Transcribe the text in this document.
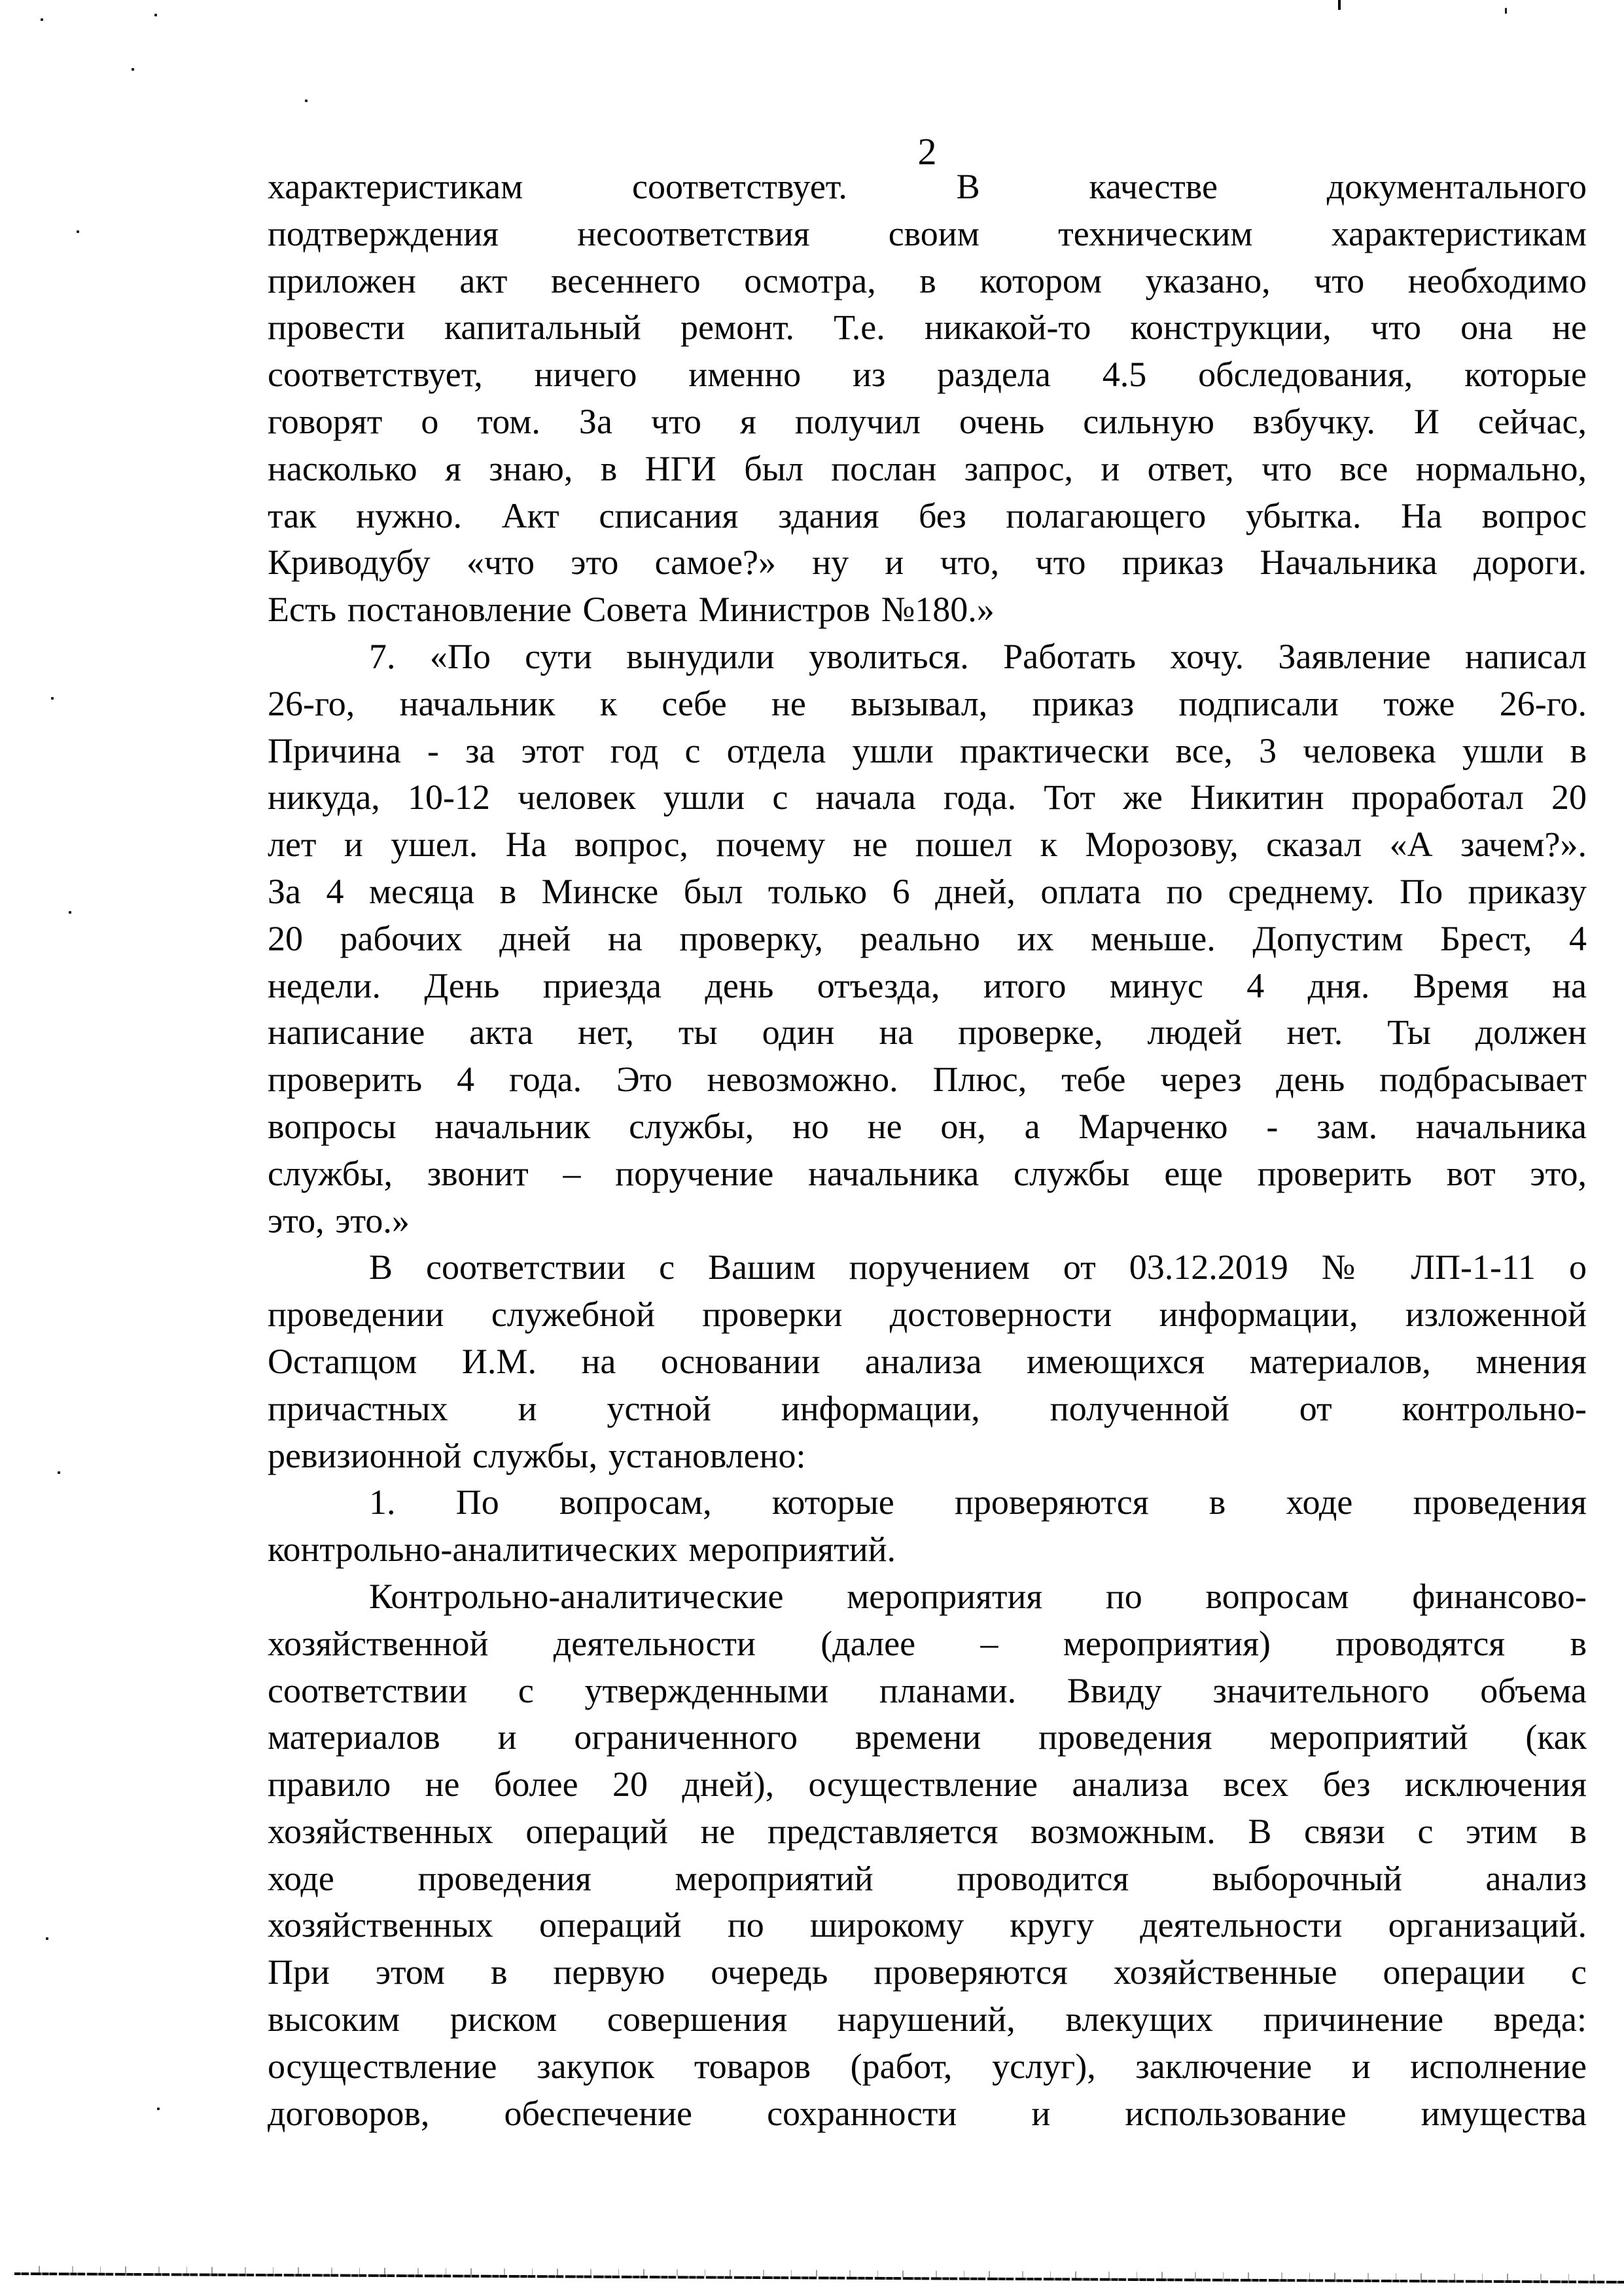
2
характеристикам соответствует. В качестве документального
подтверждения несоответствия своим техническим характеристикам
приложен акт весеннего осмотра, в котором указано, что необходимо
провести капитальный ремонт. Т.е. никакой-то конструкции, что она не
соответствует, ничего именно из раздела 4.5 обследования, которые
говорят о том. За что я получил очень сильную взбучку. И сейчас,
насколько я знаю, в НГИ был послан запрос, и ответ, что все нормально,
так нужно. Акт списания здания без полагающего убытка. На вопрос
Криводубу «что это самое?» ну и что, что приказ Начальника дороги.
Есть постановление Совета Министров №180.»
7. «По сути вынудили уволиться. Работать хочу. Заявление написал
26-го, начальник к себе не вызывал, приказ подписали тоже 26-го.
Причина - за этот год с отдела ушли практически все, 3 человека ушли в
никуда, 10-12 человек ушли с начала года. Тот же Никитин проработал 20
лет и ушел. На вопрос, почему не пошел к Морозову, сказал «А зачем?».
За 4 месяца в Минске был только 6 дней, оплата по среднему. По приказу
20 рабочих дней на проверку, реально их меньше. Допустим Брест, 4
недели. День приезда день отъезда, итого минус 4 дня. Время на
написание акта нет, ты один на проверке, людей нет. Ты должен
проверить 4 года. Это невозможно. Плюс, тебе через день подбрасывает
вопросы начальник службы, но не он, а Марченко - зам. начальника
службы, звонит – поручение начальника службы еще проверить вот это,
это, это.»
В соответствии с Вашим поручением от 03.12.2019 № ЛП-1-11 о
проведении служебной проверки достоверности информации, изложенной
Остапцом И.М. на основании анализа имеющихся материалов, мнения
причастных и устной информации, полученной от контрольно-
ревизионной службы, установлено:
1. По вопросам, которые проверяются в ходе проведения
контрольно-аналитических мероприятий.
Контрольно-аналитические мероприятия по вопросам финансово-
хозяйственной деятельности (далее – мероприятия) проводятся в
соответствии с утвержденными планами. Ввиду значительного объема
материалов и ограниченного времени проведения мероприятий (как
правило не более 20 дней), осуществление анализа всех без исключения
хозяйственных операций не представляется возможным. В связи с этим в
ходе проведения мероприятий проводится выборочный анализ
хозяйственных операций по широкому кругу деятельности организаций.
При этом в первую очередь проверяются хозяйственные операции с
высоким риском совершения нарушений, влекущих причинение вреда:
осуществление закупок товаров (работ, услуг), заключение и исполнение
договоров, обеспечение сохранности и использование имущества
